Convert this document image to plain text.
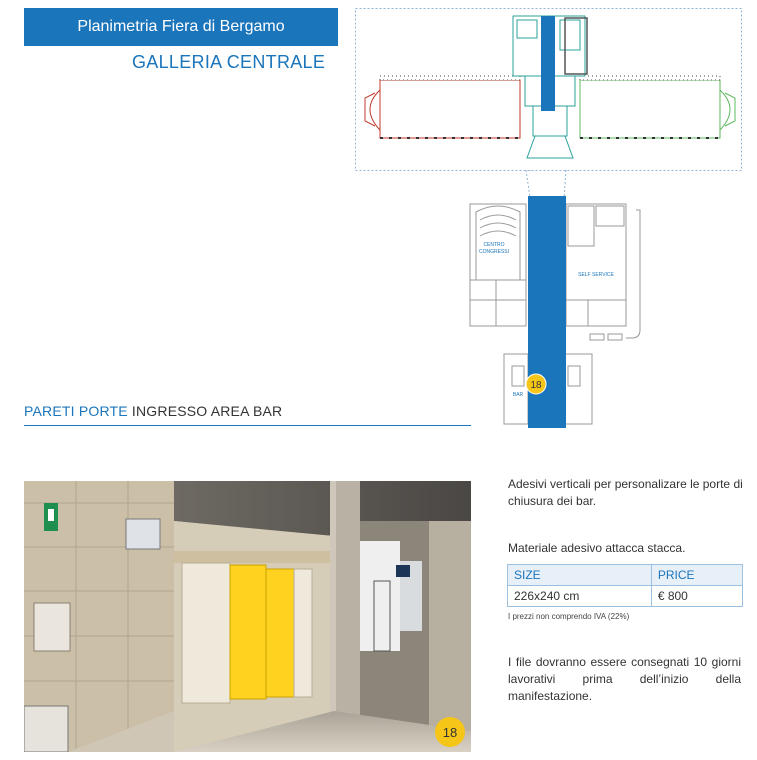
Planimetria Fiera di Bergamo
GALLERIA CENTRALE
CENTRO CONGRESSI
SELF SERVICE
BAR
18
PARETI PORTE INGRESSO AREA BAR
18
Adesivi verticali per personalizare le porte di chiusura dei bar.
Materiale adesivo attacca stacca.
SIZE	PRICE
226x240 cm	€ 800
I prezzi non comprendo IVA (22%)
I file dovranno essere consegnati 10 giorni lavorativi prima dell’inizio della manifestazione.
